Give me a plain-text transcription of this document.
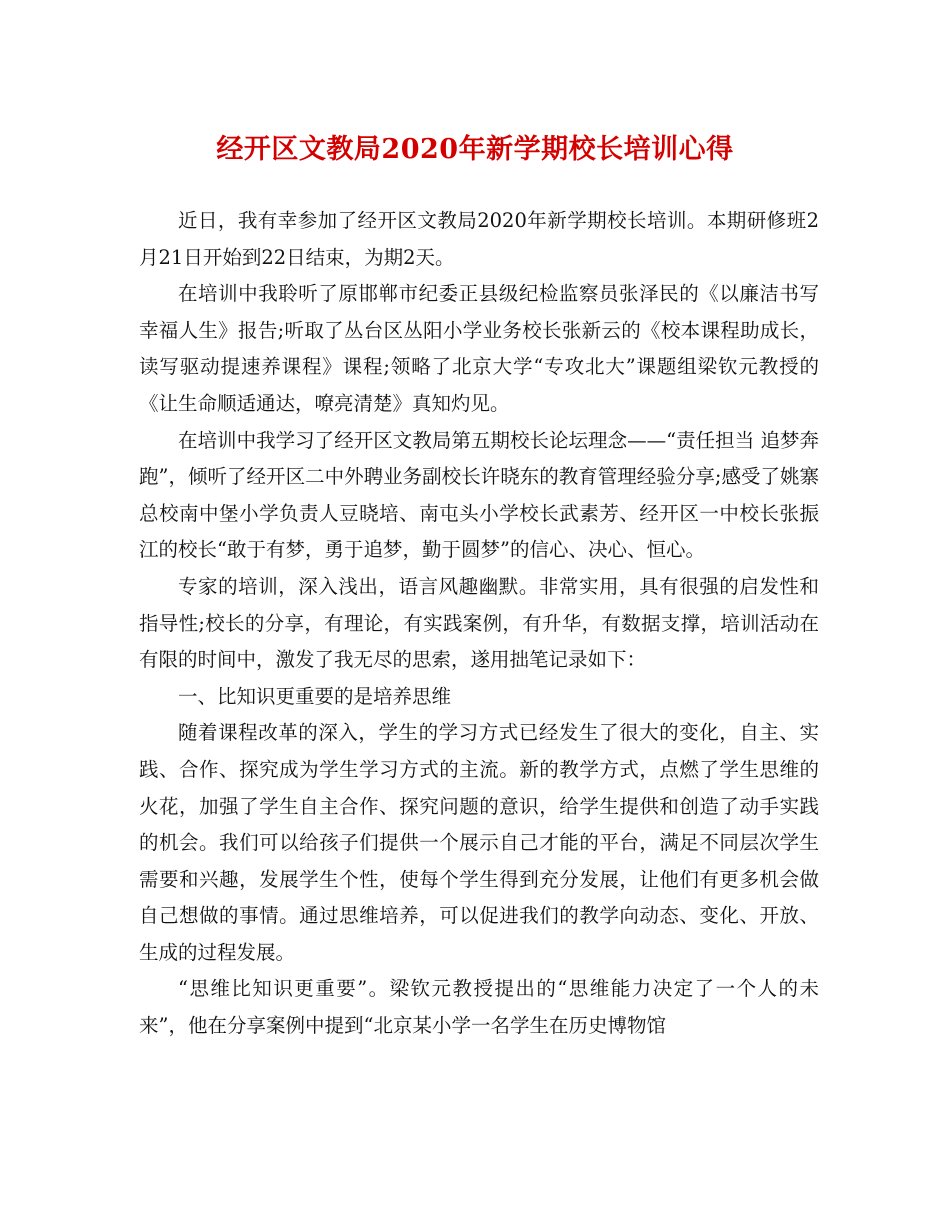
经开区文教局2020年新学期校长培训心得

近日，我有幸参加了经开区文教局2020年新学期校长培训。本期研修班2月21日开始到22日结束，为期2天。

在培训中我聆听了原邯郸市纪委正县级纪检监察员张泽民的《以廉洁书写幸福人生》报告;听取了丛台区丛阳小学业务校长张新云的《校本课程助成长，读写驱动提速养课程》课程;领略了北京大学“专攻北大”课题组梁钦元教授的《让生命顺适通达，嘹亮清楚》真知灼见。

在培训中我学习了经开区文教局第五期校长论坛理念——“责任担当 追梦奔跑”，倾听了经开区二中外聘业务副校长许晓东的教育管理经验分享;感受了姚寨总校南中堡小学负责人豆晓培、南屯头小学校长武素芳、经开区一中校长张振江的校长“敢于有梦，勇于追梦，勤于圆梦”的信心、决心、恒心。

专家的培训，深入浅出，语言风趣幽默。非常实用，具有很强的启发性和指导性;校长的分享，有理论，有实践案例，有升华，有数据支撑，培训活动在有限的时间中，激发了我无尽的思索，遂用拙笔记录如下：

一、比知识更重要的是培养思维

随着课程改革的深入，学生的学习方式已经发生了很大的变化，自主、实践、合作、探究成为学生学习方式的主流。新的教学方式，点燃了学生思维的火花，加强了学生自主合作、探究问题的意识，给学生提供和创造了动手实践的机会。我们可以给孩子们提供一个展示自己才能的平台，满足不同层次学生需要和兴趣，发展学生个性，使每个学生得到充分发展，让他们有更多机会做自己想做的事情。通过思维培养，可以促进我们的教学向动态、变化、开放、生成的过程发展。

“思维比知识更重要”。梁钦元教授提出的“思维能力决定了一个人的未来”，他在分享案例中提到“北京某小学一名学生在历史博物馆
